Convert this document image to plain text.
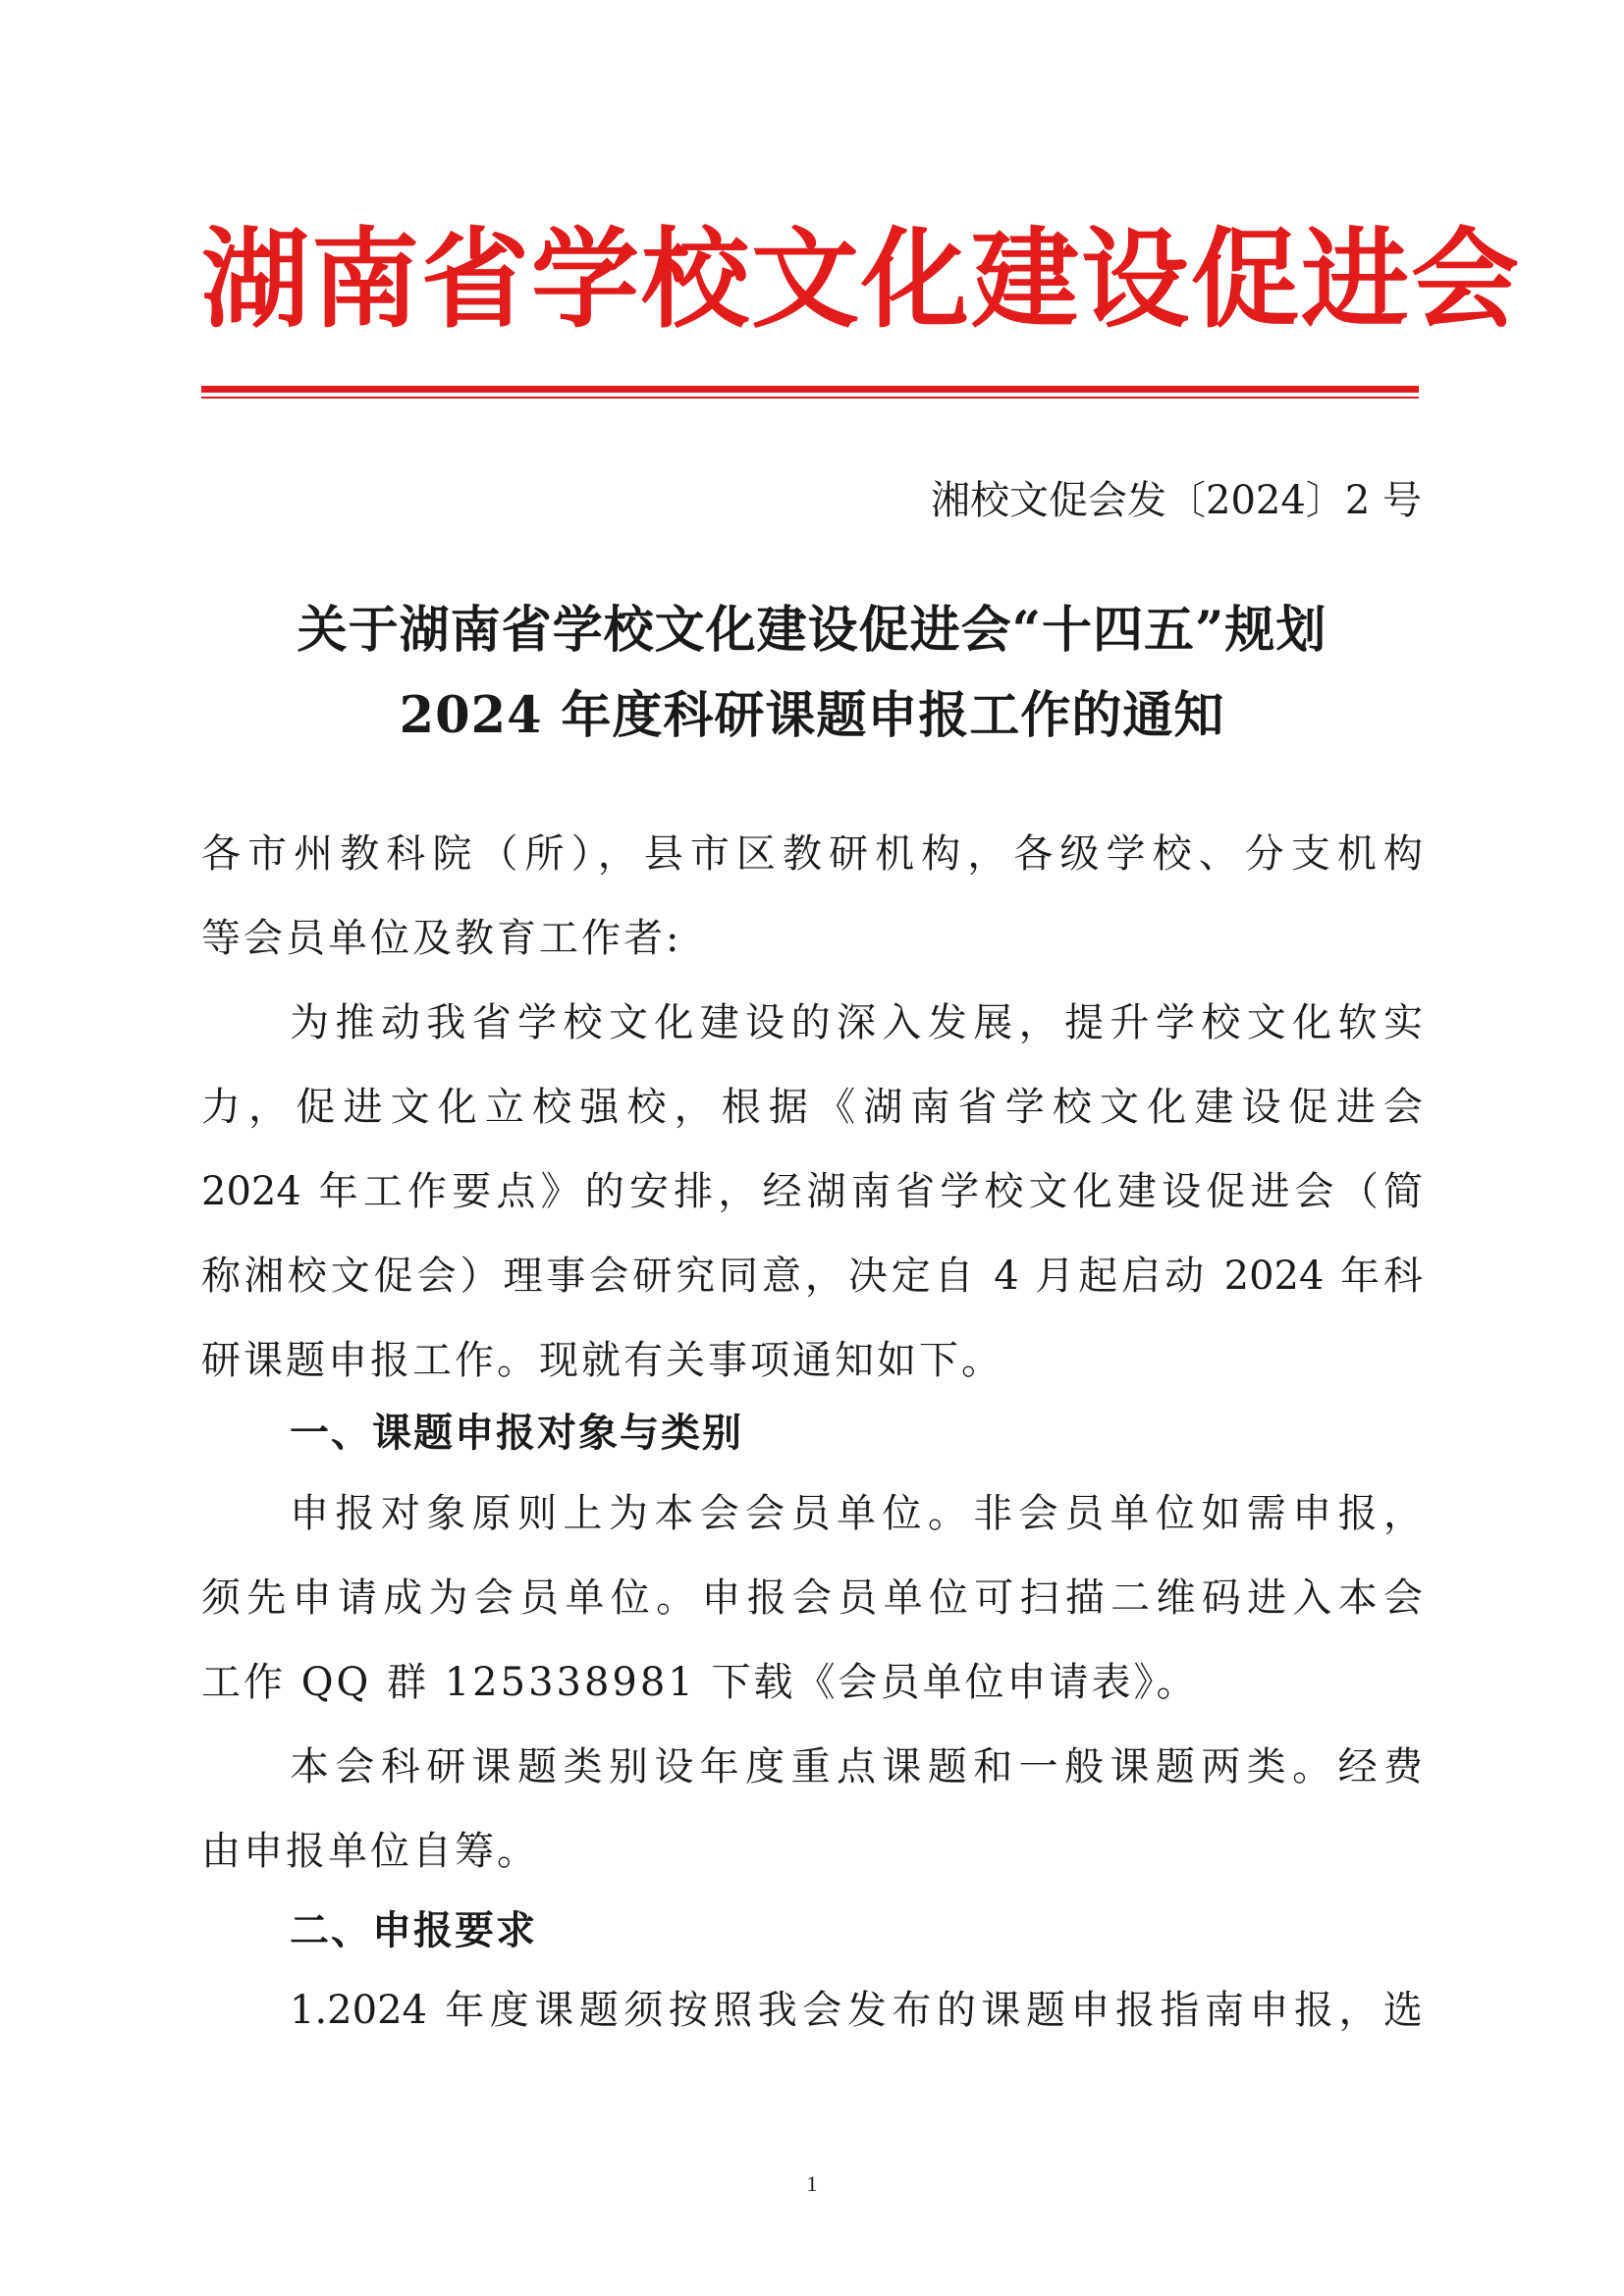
湖南省学校文化建设促进会
湘校文促会发〔2024〕2 号
关于湖南省学校文化建设促进会“十四五”规划
2024 年度科研课题申报工作的通知
各市州教科院（所），县市区教研机构，各级学校、分支机构
等会员单位及教育工作者:
为推动我省学校文化建设的深入发展，提升学校文化软实
力，促进文化立校强校，根据《湖南省学校文化建设促进会
2024 年工作要点》的安排，经湖南省学校文化建设促进会（简
称湘校文促会）理事会研究同意，决定自 4 月起启动 2024 年科
研课题申报工作。现就有关事项通知如下。
一、课题申报对象与类别
申报对象原则上为本会会员单位。非会员单位如需申报，
须先申请成为会员单位。申报会员单位可扫描二维码进入本会
工作 QQ 群 125338981 下载《会员单位申请表》。
本会科研课题类别设年度重点课题和一般课题两类。经费
由申报单位自筹。
二、申报要求
1.2024 年度课题须按照我会发布的课题申报指南申报，选
1
